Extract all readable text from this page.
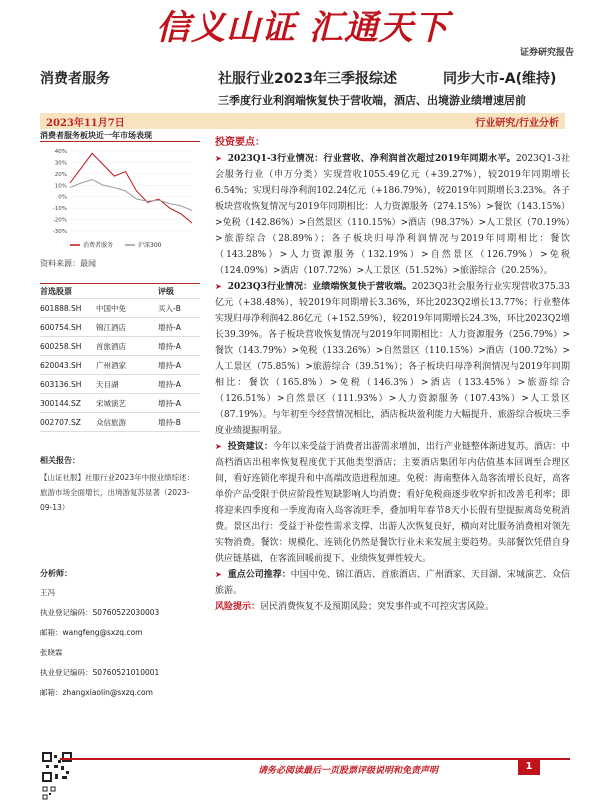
信义山证 汇通天下
证券研究报告
消费者服务	社服行业2023年三季报综述	同步大市-A(维持)
三季度行业利润端恢复快于营收端，酒店、出境游业绩增速居前
2023年11月7日	行业研究/行业分析
消费者服务板块近一年市场表现
40%
30%
20%
10%
0%
-10%
-20%
-30%
消费者服务	沪深300
资料来源：最闻
首选股票	评级
601888.SH	中国中免	买入-B
600754.SH	锦江酒店	增持-A
600258.SH	首旅酒店	增持-A
620043.SH	广州酒家	增持-A
603136.SH	天目湖	增持-A
300144.SZ	宋城演艺	增持-A
002707.SZ	众信旅游	增持-B
相关报告：
【山证社服】社服行业2023年中报业绩综述：旅游市场全面增长，出境游复苏显著（2023-09-13）
分析师：
王冯
执业登记编码：S0760522030003
邮箱：wangfeng@sxzq.com
张晓霖
执业登记编码：S0760521010001
邮箱：zhangxiaolin@sxzq.com
投资要点：

➤ 2023Q1-3行业情况：行业营收、净利润首次超过2019年同期水平。2023Q1-3社会服务行业（申万分类）实现营收1055.49亿元（+39.27%），较2019年同期增长6.54%；实现归母净利润102.24亿元（+186.79%），较2019年同期增长3.23%。各子板块营收恢复情况与2019年同期相比：人力资源服务（274.15%）>餐饮（143.15%）>免税（142.86%）>自然景区（110.15%）>酒店（98.37%）>人工景区（70.19%）>旅游综合（28.89%）；各子板块归母净利润情况与2019年同期相比：餐饮（143.28%）>人力资源服务（132.19%）>自然景区（126.79%）>免税（124.09%）>酒店（107.72%）>人工景区（51.52%）>旅游综合（20.25%）。

➤ 2023Q3行业情况：业绩端恢复快于营收端。2023Q3社会服务行业实现营收375.33亿元（+38.48%），较2019年同期增长3.36%，环比2023Q2增长13.77%；行业整体实现归母净利润42.86亿元（+152.59%），较2019年同期增长24.3%，环比2023Q2增长39.39%。各子板块营收恢复情况与2019年同期相比：人力资源服务（256.79%）>餐饮（143.79%）>免税（133.26%）>自然景区（110.15%）>酒店（100.72%）>人工景区（75.85%）>旅游综合（39.51%）；各子板块归母净利润情况与2019年同期相比：餐饮（165.8%）>免税（146.3%）>酒店（133.45%）>旅游综合（126.51%）>自然景区（111.93%）>人力资源服务（107.43%）>人工景区（87.19%）。与年初至今经营情况相比，酒店板块盈利能力大幅提升、旅游综合板块三季度业绩提振明显。

➤ 投资建议：今年以来受益于消费者出游需求增加，出行产业链整体渐进复苏。酒店：中高档酒店出租率恢复程度优于其他类型酒店；主要酒店集团年内估值基本回调至合理区间，看好连锁化率提升和中高端改造进程加速。免税：海南整体入岛客流增长良好，高客单价产品受限于供应阶段性短缺影响人均消费；看好免税商逐步收窄折扣改善毛利率；即将迎来四季度和一季度海南入岛客流旺季，叠加明年春节8天小长假有望提振离岛免税消费。景区出行：受益于补偿性需求支撑、出游人次恢复良好，横向对比服务消费相对领先实物消费。餐饮：规模化、连锁化仍然是餐饮行业未来发展主要趋势。头部餐饮凭借自身供应链基础，在客流回暖前提下、业绩恢复弹性较大。

➤ 重点公司推荐：中国中免、锦江酒店、首旅酒店、广州酒家、天目湖、宋城演艺、众信旅游。

风险提示：居民消费恢复不及预期风险；突发事件或不可控灾害风险。

请务必阅读最后一页股票评级说明和免责声明	1
